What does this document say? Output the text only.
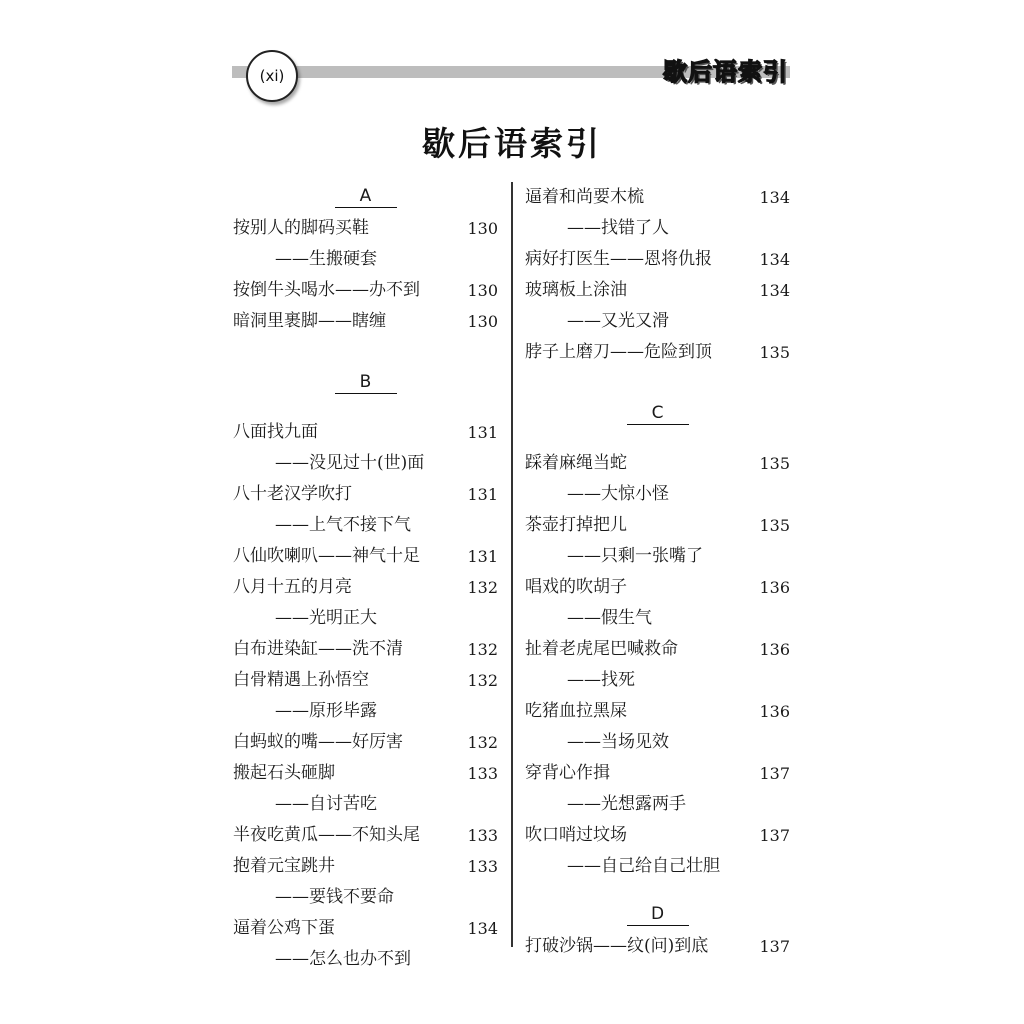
(xi)	歇后语索引
歇后语索引
A
按别人的脚码买鞋	130
——生搬硬套
按倒牛头喝水——办不到	130
暗洞里裹脚——瞎缠	130
B
八面找九面	131
——没见过十(世)面
八十老汉学吹打	131
——上气不接下气
八仙吹喇叭——神气十足	131
八月十五的月亮	132
——光明正大
白布进染缸——洗不清	132
白骨精遇上孙悟空	132
——原形毕露
白蚂蚁的嘴——好厉害	132
搬起石头砸脚	133
——自讨苦吃
半夜吃黄瓜——不知头尾	133
抱着元宝跳井	133
——要钱不要命
逼着公鸡下蛋	134
——怎么也办不到
逼着和尚要木梳	134
——找错了人
病好打医生——恩将仇报	134
玻璃板上涂油	134
——又光又滑
脖子上磨刀——危险到顶	135
C
踩着麻绳当蛇	135
——大惊小怪
茶壶打掉把儿	135
——只剩一张嘴了
唱戏的吹胡子	136
——假生气
扯着老虎尾巴喊救命	136
——找死
吃猪血拉黑屎	136
——当场见效
穿背心作揖	137
——光想露两手
吹口哨过坟场	137
——自己给自己壮胆
D
打破沙锅——纹(问)到底	137
